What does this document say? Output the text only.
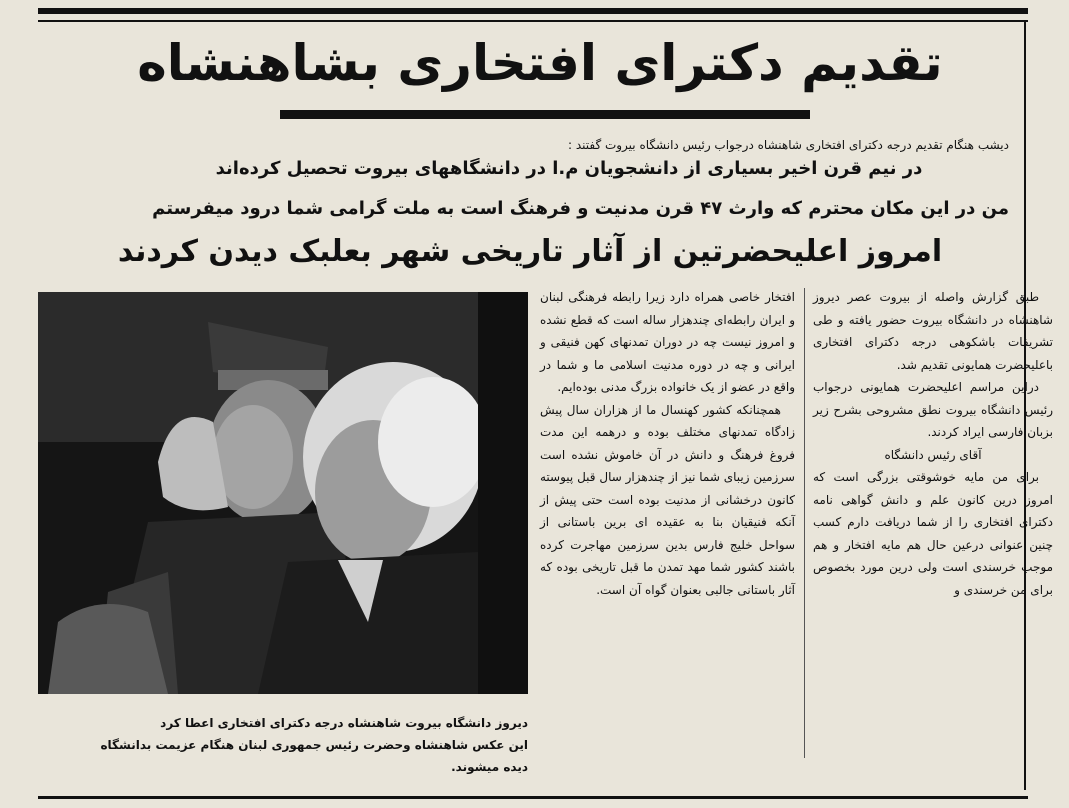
تقدیم دکترای افتخاری بشاهنشاه
دیشب هنگام تقدیم درجه دکترای افتخاری شاهنشاه درجواب رئیس دانشگاه بیروت گفتند :
در نیم قرن اخیر بسیاری از دانشجویان م.ا در دانشگاههای بیروت تحصیل کرده‌اند
من در این مکان محترم که وارث ۴۷ قرن مدنیت و فرهنگ است به ملت گرامی شما درود میفرستم
امروز اعلیحضرتین از آثار تاریخی شهر بعلبک دیدن کردند
دیروز دانشگاه بیروت شاهنشاه درجه دکترای افتخاری اعطا کرد
این عکس شاهنشاه وحضرت رئیس جمهوری لبنان هنگام عزیمت بدانشگاه
دیده میشوند.

طبق گزارش واصله از بیروت عصر دیروز شاهنشاه در دانشگاه بیروت حضور یافته و طی تشریفات باشکوهی درجه دکترای افتخاری باعلیحضرت همایونی تقدیم شد.

دراین مراسم اعلیحضرت همایونی درجواب رئیس دانشگاه بیروت نطق مشروحی بشرح زیر بزبان فارسی ایراد کردند.

آقای رئیس دانشگاه

برای من مایه خوشوقتی بزرگی است که امروز درین کانون علم و دانش گواهی نامه دکترای افتخاری را از شما دریافت دارم کسب چنین عنوانی درعین حال هم مایه افتخار و هم موجب خرسندی است ولی درین مورد بخصوص برای من خرسندی و

افتخار خاصی همراه دارد زیرا رابطه فرهنگی لبنان و ایران رابطه‌ای چندهزار ساله است که قطع نشده و امروز نیست چه در دوران تمدنهای کهن فنیقی و ایرانی و چه در دوره مدنیت اسلامی ما و شما در واقع در عضو از یک خانواده بزرگ مدنی بوده‌ایم.

همچنانکه کشور کهنسال ما از هزاران سال پیش زادگاه تمدنهای مختلف بوده و درهمه این مدت فروغ فرهنگ و دانش در آن خاموش نشده است سرزمین زیبای شما نیز از چندهزار سال قبل پیوسته کانون درخشانی از مدنیت بوده است حتی پیش از آنکه فنیقیان بنا به عقیده ای برین باستانی از سواحل خلیج فارس بدین سرزمین مهاجرت کرده باشند کشور شما مهد تمدن ما قبل تاریخی بوده که آثار باستانی جالبی بعنوان گواه آن است.
